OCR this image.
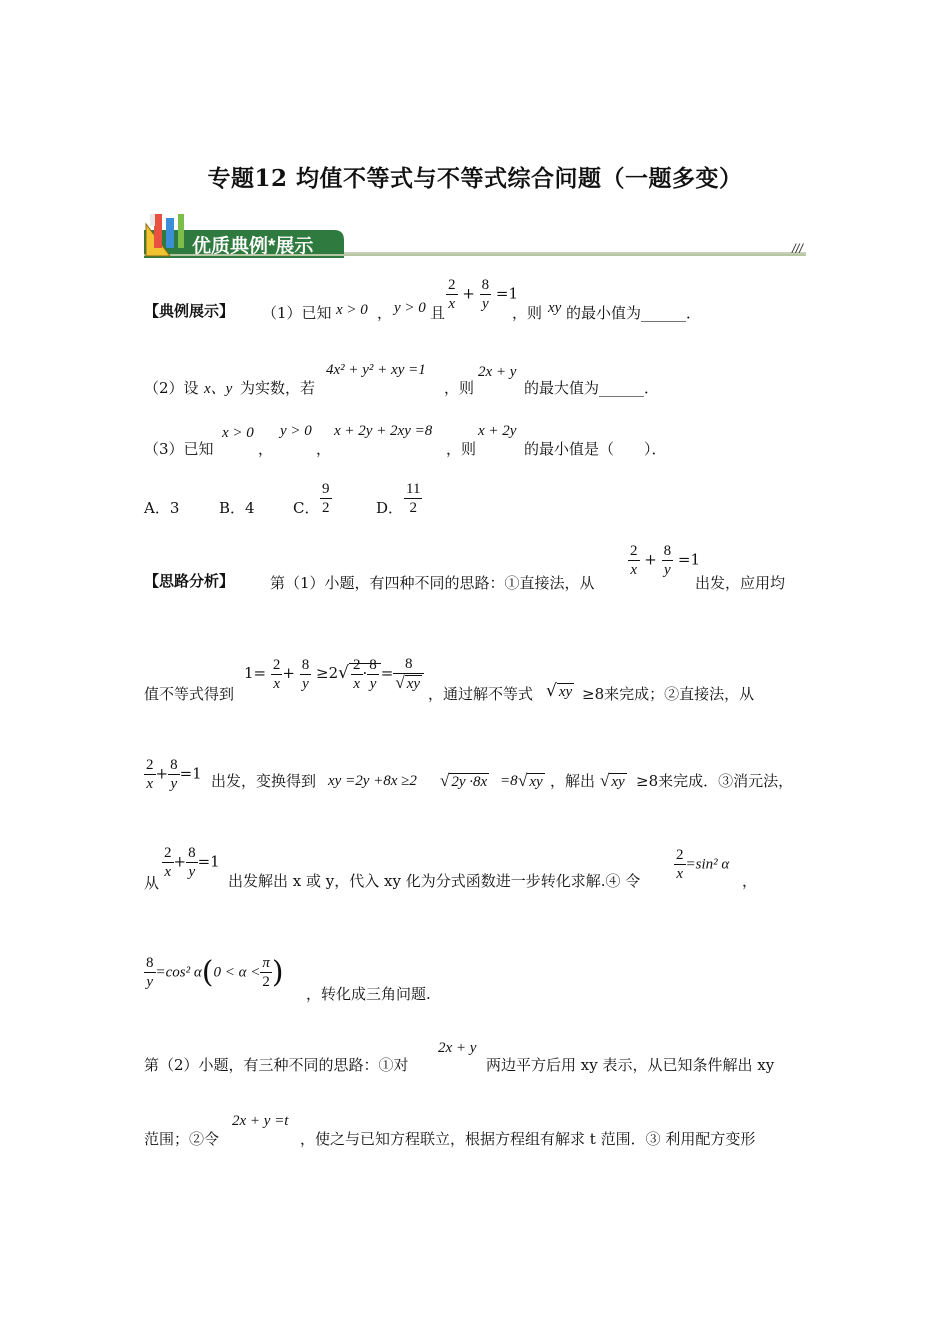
专题12 均值不等式与不等式综合问题（一题多变）
优质典例*展示	///
【典例展示】 （1）已知 x > 0 ， y > 0 且 $\frac{2}{x} + \frac{8}{y} =1$
，则 xy 的最小值为______．
（2）设 x、y 为实数，若
4x² + y² + xy =1
，则
2x + y
的最大值为______．
（3）已知
x > 0
，
y > 0
，
x + 2y + 2xy =8
，则
x + 2y
的最小值是（　　）．
A．3	B．4	C． $\frac{9}{2}$	D． $\frac{11}{2}$
【思路分析】 第（1）小题，有四种不同的思路：①直接法，从
$\frac{2}{x} + \frac{8}{y} =1$
出发，应用均
值不等式得到
$1= \frac{2}{x} + \frac{8}{y} \ge 2√ \frac{2}{x} \cdot \frac{8}{y} = \frac{8}{√ xy}$
，通过解不等式 √ xy ≥8来完成；②直接法，从
$\frac{2}{x} + \frac{8}{y} =1$ 出发，变换得到 xy =2y +8x ≥2 √ 2y ·8x =8 √ xy ，解出 √ xy ≥8来完成．③消元法，
从
$\frac{2}{x} + \frac{8}{y} =1$
出发解出 x 或 y，代入 xy 化为分式函数进一步转化求解.④ 令 $\frac{2}{x} =\sin^2$ α
，
$\frac{8}{y} =\cos^2$ $\alpha(0 < \alpha < \frac{\pi}{2}$ )
，转化成三角问题.
第（2）小题，有三种不同的思路：①对
2x + y
两边平方后用 xy 表示，从已知条件解出 xy
范围；②令
2x + y =t
，使之与已知方程联立，根据方程组有解求 t 范围．③ 利用配方变形
